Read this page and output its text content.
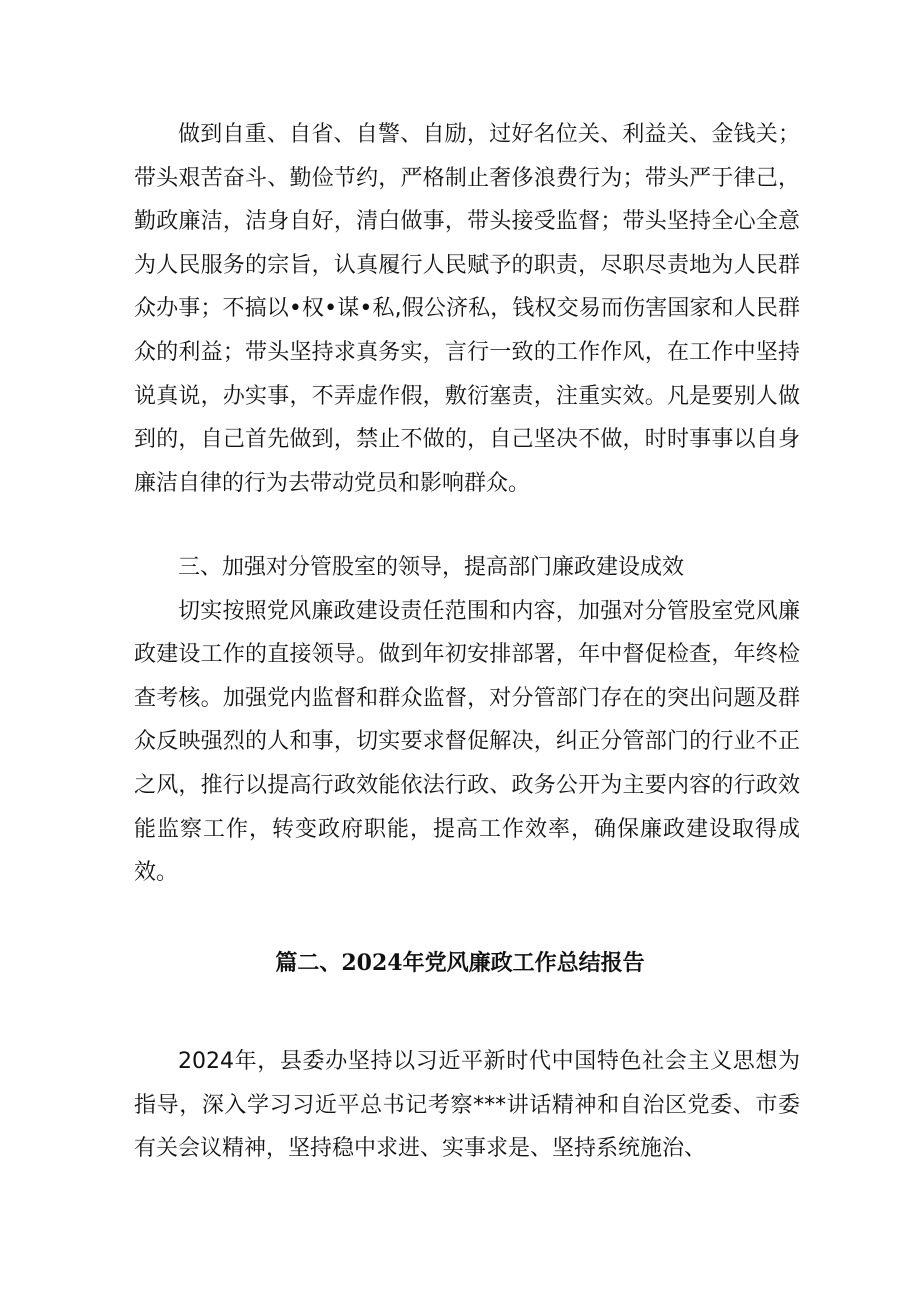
做到自重、自省、自警、自励，过好名位关、利益关、金钱关；带头艰苦奋斗、勤俭节约，严格制止奢侈浪费行为；带头严于律己，勤政廉洁，洁身自好，清白做事，带头接受监督；带头坚持全心全意为人民服务的宗旨，认真履行人民赋予的职责，尽职尽责地为人民群众办事；不搞以•权•谋•私,假公济私，钱权交易而伤害国家和人民群众的利益；带头坚持求真务实，言行一致的工作作风，在工作中坚持说真说，办实事，不弄虚作假，敷衍塞责，注重实效。凡是要别人做到的，自己首先做到，禁止不做的，自己坚决不做，时时事事以自身廉洁自律的行为去带动党员和影响群众。

三、加强对分管股室的领导，提高部门廉政建设成效

切实按照党风廉政建设责任范围和内容，加强对分管股室党风廉政建设工作的直接领导。做到年初安排部署，年中督促检查，年终检查考核。加强党内监督和群众监督，对分管部门存在的突出问题及群众反映强烈的人和事，切实要求督促解决，纠正分管部门的行业不正之风，推行以提高行政效能依法行政、政务公开为主要内容的行政效能监察工作，转变政府职能，提高工作效率，确保廉政建设取得成效。

篇二、2024年党风廉政工作总结报告

2024年，县委办坚持以习近平新时代中国特色社会主义思想为指导，深入学习习近平总书记考察***讲话精神和自治区党委、市委有关会议精神，坚持稳中求进、实事求是、坚持系统施治、
